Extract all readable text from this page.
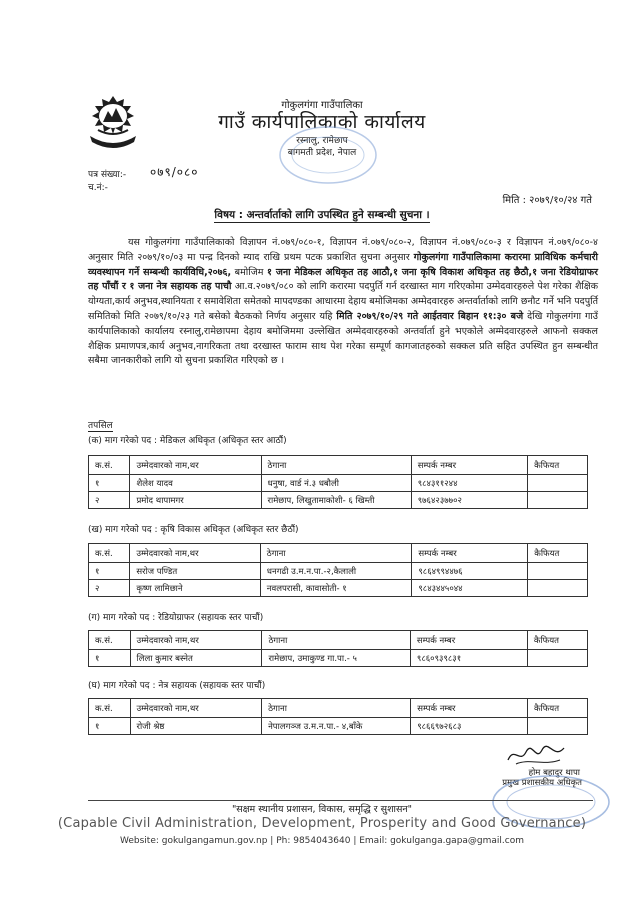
गोकुलगंगा गाउँपालिका
गाउँ कार्यपालिकाको कार्यालय
रस्नालु, रामेछाप
बागमती प्रदेश, नेपाल
पत्र संख्या:- ०७९/०८०
च.नं:-
मिति : २०७९/१०/२४ गते
विषय : अन्तर्वार्ताको लागि उपस्थित हुने सम्बन्धी सुचना ।

यस गोकुलगंगा गाउँपालिकाको विज्ञापन नं.०७९/०८०-१, विज्ञापन नं.०७९/०८०-२, विज्ञापन नं.०७९/०८०-३ र विज्ञापन नं.०७९/०८०-४ अनुसार मिति २०७९/१०/०३ मा पन्द्र दिनको म्याद राखि प्रथम पटक प्रकाशित सुचना अनुसार गोकुलगंगा गाउँपालिकामा करारमा प्राविधिक कर्मचारी व्यवस्थापन गर्ने सम्बन्धी कार्यविधि,२०७६, बमोजिम १ जना मेडिकल अधिकृत तह आठौ,१ जना कृषि विकाश अधिकृत तह छैठौ,१ जना रेडियोग्राफर तह पाँचौं र १ जना नेत्र सहायक तह पाचौ आ.व.२०७९/०८० को लागि करारमा पदपुर्ति गर्न दरखास्त माग गरिएकोमा उम्मेदवारहरुले पेश गरेका शैक्षिक योग्यता,कार्य अनुभव,स्थानियता र समावेशिता समेतको मापदण्डका आधारमा देहाय बमोजिमका अम्मेदवारहरु अन्तर्वार्ताको लागि छनौट गर्ने भनि पदपुर्ति समितिको मिति २०७९/१०/२३ गते बसेको बैठकको निर्णय अनुसार यहि मिति २०७९/१०/२९ गते आईतवार बिहान ११:३० बजे देखि गोकुलगंगा गाउँ कार्यपालिकाको कार्यालय रस्नालु,रामेछापमा देहाय बमोजिममा उल्लेखित अम्मेदवारहरुको अन्तर्वार्ता हुने भएकोले अम्मेदवारहरुले आफनो सक्कल शैक्षिक प्रमाणपत्र,कार्य अनुभव,नागरिकता तथा दरखास्त फाराम साथ पेश गरेका सम्पूर्ण कागजातहरुको सक्कल प्रति सहित उपस्थित हुन सम्बन्धीत सबैमा जानकारीको लागि यो सुचना प्रकाशित गरिएको छ ।

तपसिल
(क) माग गरेको पद : मेडिकल अधिकृत (अधिकृत स्तर आठौं)
क.सं.	उम्मेदवारको नाम,थर	ठेगाना	सम्पर्क नम्बर	कैफियत
१	शैलेश यादव	धनुषा, वार्ड नं.३ धबौली	९८४३११२४४	
२	प्रमोद थापामगर	रामेछाप, लिखुतामाकोशी- ६ खिम्ती	९७६४२३७७०२	
(ख) माग गरेको पद : कृषि विकास अधिकृत (अधिकृत स्तर छैठौं)
क.सं.	उम्मेदवारको नाम,थर	ठेगाना	सम्पर्क नम्बर	कैफियत
१	सरोज पण्डित	धनगढी उ.म.न.पा.-२,कैलाली	९८६४९९४४७६	
२	कृष्ण लामिछाने	नवलपरासी, कावासोती- १	९८४३४४५०४४	
(ग) माग गरेको पद : रेडियोग्राफर (सहायक स्तर पाचौं)
क.सं.	उम्मेदवारको नाम,थर	ठेगाना	सम्पर्क नम्बर	कैफियत
१	लिला कुमार बस्नेत	रामेछाप, उमाकुण्ड गा.पा.- ५	९८६०९३९८३१	
(घ) माग गरेको पद : नेत्र सहायक (सहायक स्तर पाचौं)
क.सं.	उम्मेदवारको नाम,थर	ठेगाना	सम्पर्क नम्बर	कैफियत
१	रोजी श्रेष्ठ	नेपालगञ्ज उ.म.न.पा.- ४,बाँके	९८६६९७२६८३	
होम बहादुर थापा
प्रमुख प्रशासकीय अधिकृत
"सक्षम स्थानीय प्रशासन, विकास, समृद्धि र सुशासन"
(Capable Civil Administration, Development, Prosperity and Good Governance)
Website: gokulgangamun.gov.np | Ph: 9854043640 | Email: gokulganga.gapa@gmail.com
